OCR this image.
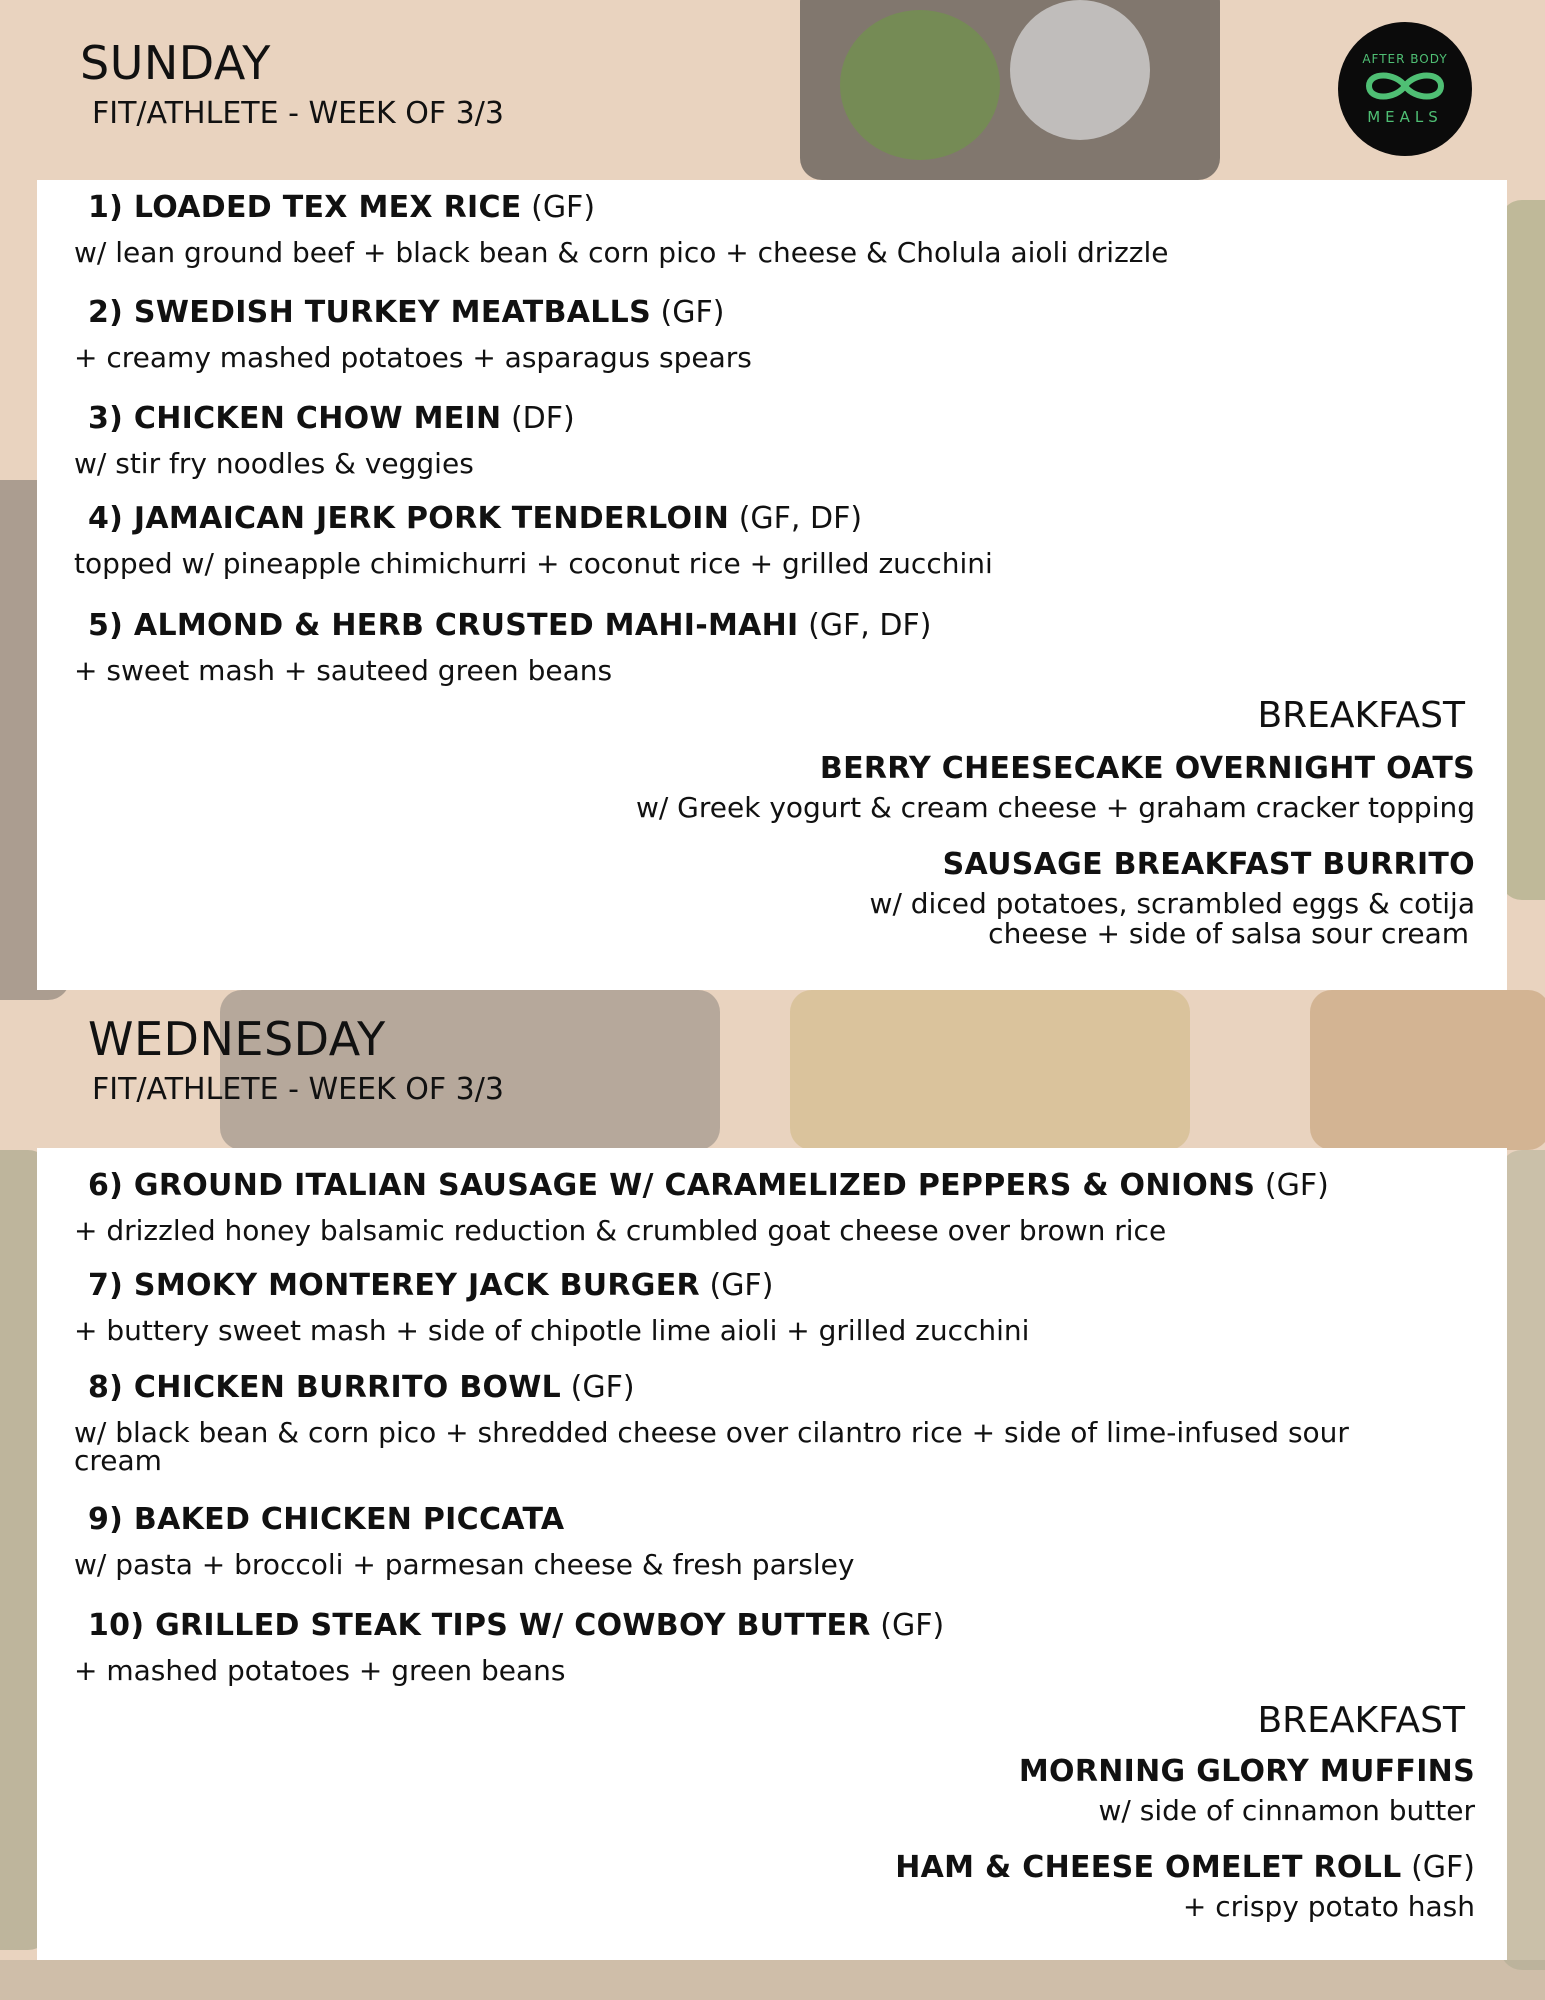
AFTER BODY
MEALS
SUNDAY
FIT/ATHLETE - WEEK OF 3/3
1) LOADED TEX MEX RICE (GF)
w/ lean ground beef + black bean & corn pico + cheese & Cholula aioli drizzle
2) SWEDISH TURKEY MEATBALLS (GF)
+ creamy mashed potatoes + asparagus spears
3) CHICKEN CHOW MEIN (DF)
w/ stir fry noodles & veggies
4) JAMAICAN JERK PORK TENDERLOIN (GF, DF)
topped w/ pineapple chimichurri + coconut rice + grilled zucchini
5) ALMOND & HERB CRUSTED MAHI-MAHI (GF, DF)
+ sweet mash + sauteed green beans
BREAKFAST
BERRY CHEESECAKE OVERNIGHT OATS
w/ Greek yogurt & cream cheese + graham cracker topping
SAUSAGE BREAKFAST BURRITO
w/ diced potatoes, scrambled eggs & cotija
cheese + side of salsa sour cream
WEDNESDAY
FIT/ATHLETE - WEEK OF 3/3
6) GROUND ITALIAN SAUSAGE W/ CARAMELIZED PEPPERS & ONIONS (GF)
+ drizzled honey balsamic reduction & crumbled goat cheese over brown rice
7) SMOKY MONTEREY JACK BURGER (GF)
+ buttery sweet mash + side of chipotle lime aioli + grilled zucchini
8) CHICKEN BURRITO BOWL (GF)
w/ black bean & corn pico + shredded cheese over cilantro rice + side of lime-infused sour cream
9) BAKED CHICKEN PICCATA
w/ pasta + broccoli + parmesan cheese & fresh parsley
10) GRILLED STEAK TIPS W/ COWBOY BUTTER (GF)
+ mashed potatoes + green beans
BREAKFAST
MORNING GLORY MUFFINS
w/ side of cinnamon butter
HAM & CHEESE OMELET ROLL (GF)
+ crispy potato hash
